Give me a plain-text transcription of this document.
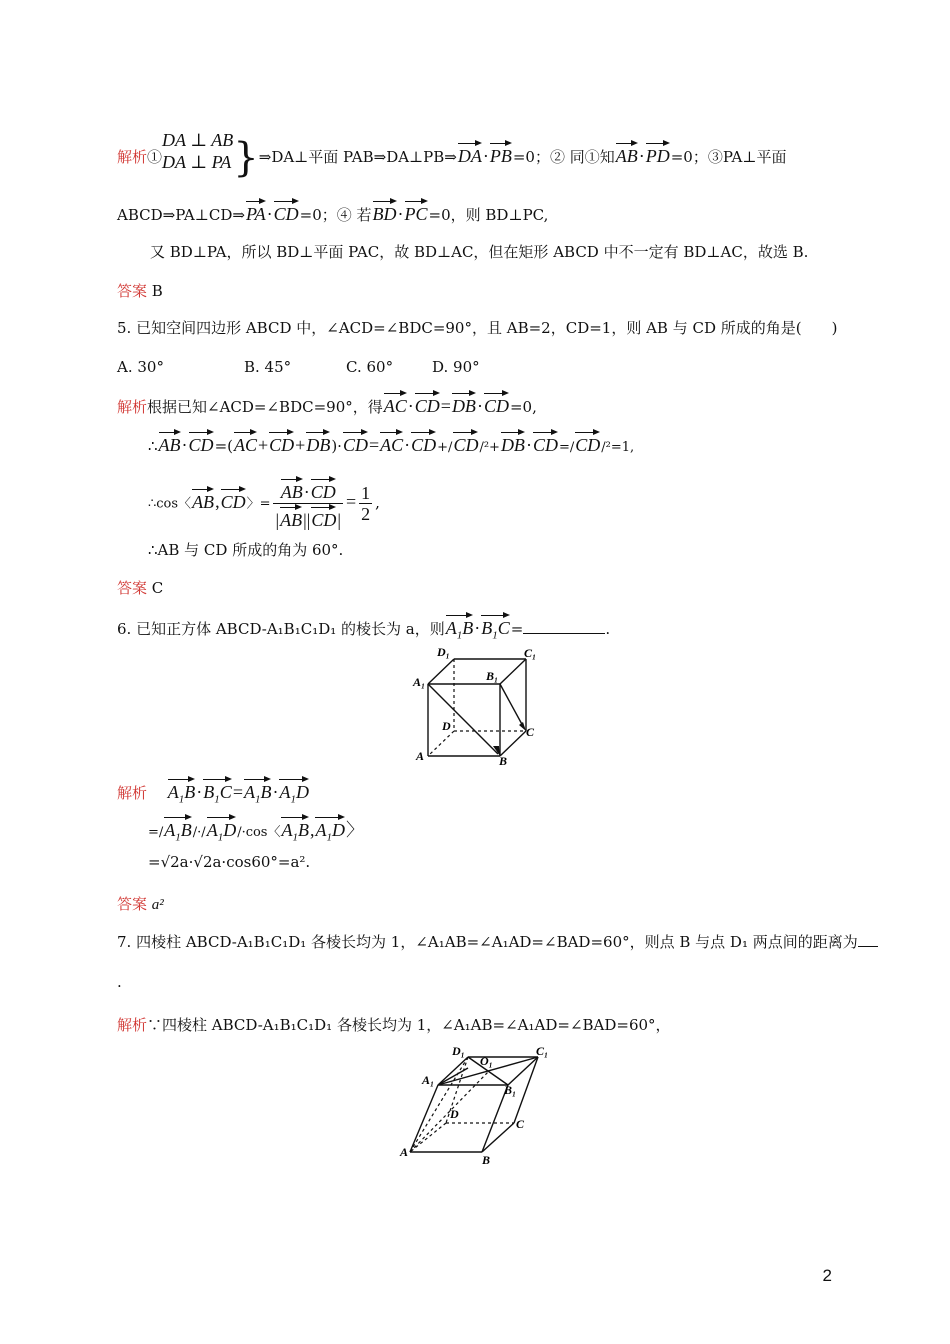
解析①
DA ⊥ AB
DA ⊥ PA }⇒DA⊥平面 PAB⇒DA⊥PB⇒DA·PB=0；② 同①知AB·PD=0；③PA⊥平面
ABCD⇒PA⊥CD⇒PA·CD=0；④ 若BD·PC=0，则 BD⊥PC,
又 BD⊥PA，所以 BD⊥平面 PAC，故 BD⊥AC，但在矩形 ABCD 中不一定有 BD⊥AC，故选 B.
答案 B
5. 已知空间四边形 ABCD 中，∠ACD=∠BDC=90°，且 AB=2，CD=1，则 AB 与 CD 所成的角是(　　)
A. 30°	B. 45°	C. 60°	D. 90°
解析根据已知∠ACD=∠BDC=90°，得AC·CD=DB·CD=0,
∴AB·CD=(AC+CD+DB)·CD=AC·CD+/CD/²+DB·CD=/CD/²=1,
∴cos〈AB,CD〉= $\frac{AB\cdot CD}{|AB||CD|} = \frac{1}{2}$ ,
∴AB 与 CD 所成的角为 60°.
答案 C
6. 已知正方体 ABCD-A₁B₁C₁D₁ 的棱长为 a，则$A_1B\cdot B_1C=$	.
D₁	C₁
A₁	B₁
D	C
A	B
解析　 $A_1B\cdot B_1C=A_1B\cdot A_1D$
$=/A_1B/\cdot/A_1D/\cdot\cos$〈$A_1B,A_1D$〉
=√2a·√2a·cos60°=a².
答案 a²
7. 四棱柱 ABCD-A₁B₁C₁D₁ 各棱长均为 1，∠A₁AB=∠A₁AD=∠BAD=60°，则点 B 与点 D₁ 两点间的距离为
.
解析∵四棱柱 ABCD-A₁B₁C₁D₁ 各棱长均为 1，∠A₁AB=∠A₁AD=∠BAD=60°，
D₁
O₁
C₁
A₁
B₁
D
C
A
B
2
